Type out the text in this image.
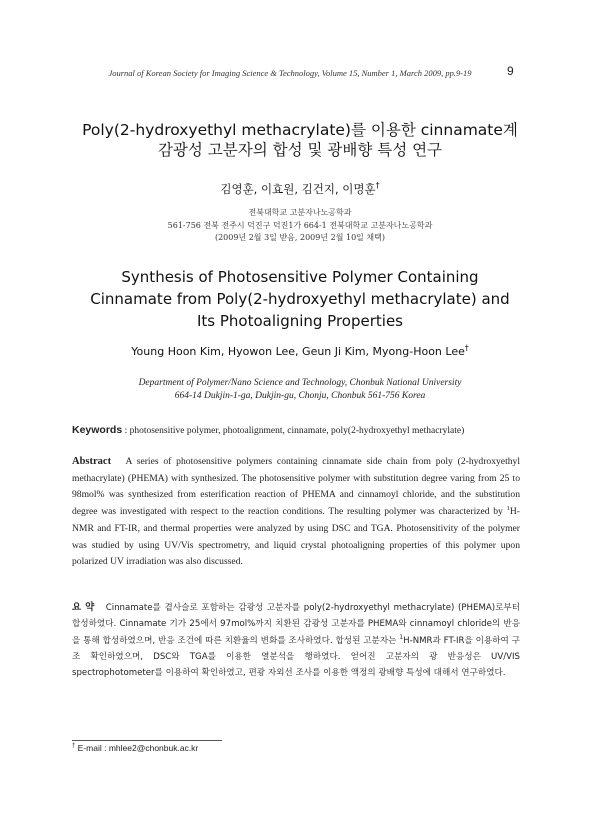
Journal of Korean Society for Imaging Science & Technology, Volume 15, Number 1, March 2009, pp.9-19	9
Poly(2-hydroxyethyl methacrylate)를 이용한 cinnamate계
감광성 고분자의 합성 및 광배향 특성 연구
김영훈, 이효원, 김건지, 이명훈†
전북대학교 고분자나노공학과
561-756 전북 전주시 덕진구 덕진1가 664-1 전북대학교 고분자나노공학과
(2009년 2월 3일 받음, 2009년 2월 10일 채택)
Synthesis of Photosensitive Polymer Containing
Cinnamate from Poly(2-hydroxyethyl methacrylate) and
Its Photoaligning Properties
Young Hoon Kim, Hyowon Lee, Geun Ji Kim, Myong-Hoon Lee†
Department of Polymer/Nano Science and Technology, Chonbuk National University
664-14 Dukjin-1-ga, Dukjin-gu, Chonju, Chonbuk 561-756 Korea
Keywords : photosensitive polymer, photoalignment, cinnamate, poly(2-hydroxyethyl methacrylate)
Abstract A series of photosensitive polymers containing cinnamate side chain from poly (2-hydroxyethyl methacrylate) (PHEMA) with synthesized. The photosensitive polymer with substitution degree varing from 25 to 98mol% was synthesized from esterification reaction of PHEMA and cinnamoyl chloride, and the substitution degree was investigated with respect to the reaction conditions. The resulting polymer was characterized by $^1$H-NMR and FT-IR, and thermal properties were analyzed by using DSC and TGA. Photosensitivity of the polymer was studied by using UV/Vis spectrometry, and liquid crystal photoaligning properties of this polymer upon polarized UV irradiation was also discussed.
요약 Cinnamate를 곁사슬로 포함하는 감광성 고분자를 poly(2-hydroxyethyl methacrylate) (PHEMA)로부터 합성하였다. Cinnamate 기가 25에서 97mol%까지 치환된 감광성 고분자를 PHEMA와 cinnamoyl chloride의 반응을 통해 합성하였으며, 반응 조건에 따른 치환율의 변화를 조사하였다. 합성된 고분자는 $^1$H-NMR과 FT-IR을 이용하여 구조 확인하였으며, DSC와 TGA를 이용한 열분석을 행하였다. 얻어진 고분자의 광 반응성은 UV/VIS spectrophotometer를 이용하여 확인하였고, 편광 자외선 조사를 이용한 액정의 광배향 특성에 대해서 연구하였다.
† E-mail : mhlee2@chonbuk.ac.kr
